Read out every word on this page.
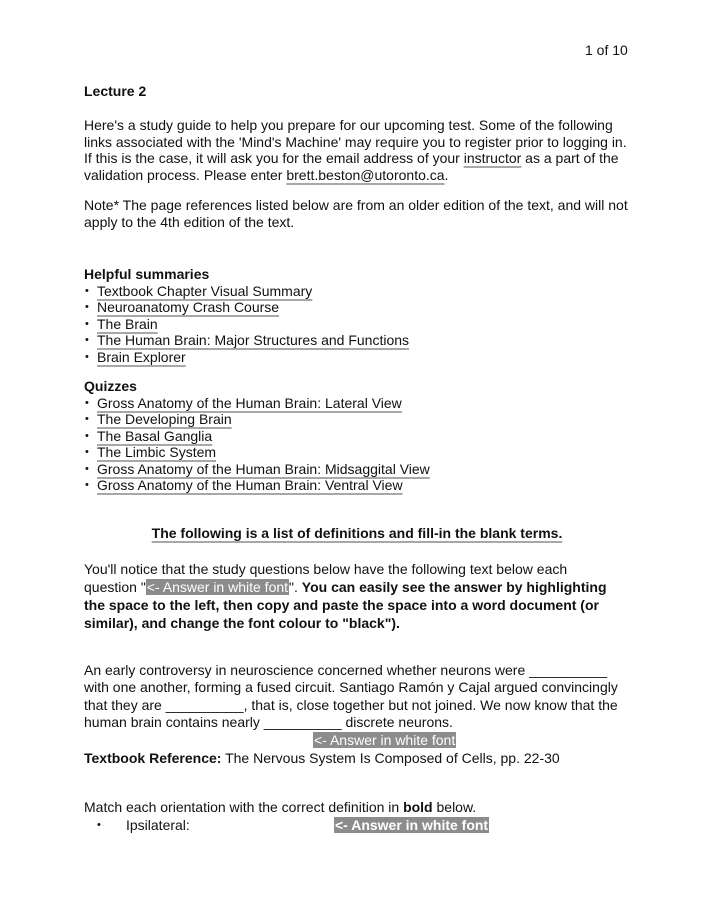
1 of 10
Lecture 2
Here's a study guide to help you prepare for our upcoming test. Some of the following
links associated with the 'Mind's Machine' may require you to register prior to logging in.
If this is the case, it will ask you for the email address of your instructor as a part of the
validation process. Please enter brett.beston@utoronto.ca.
Note* The page references listed below are from an older edition of the text, and will not
apply to the 4th edition of the text.
Helpful summaries
• Textbook Chapter Visual Summary
• Neuroanatomy Crash Course
• The Brain
• The Human Brain: Major Structures and Functions
• Brain Explorer
Quizzes
• Gross Anatomy of the Human Brain: Lateral View
• The Developing Brain
• The Basal Ganglia
• The Limbic System
• Gross Anatomy of the Human Brain: Midsaggital View
• Gross Anatomy of the Human Brain: Ventral View
The following is a list of definitions and fill-in the blank terms.
You'll notice that the study questions below have the following text below each
question "<- Answer in white font". You can easily see the answer by highlighting
the space to the left, then copy and paste the space into a word document (or
similar), and change the font colour to "black").
An early controversy in neuroscience concerned whether neurons were __________
with one another, forming a fused circuit. Santiago Ramón y Cajal argued convincingly
that they are __________, that is, close together but not joined. We now know that the
human brain contains nearly __________ discrete neurons.
<- Answer in white font
Textbook Reference: The Nervous System Is Composed of Cells, pp. 22-30
Match each orientation with the correct definition in bold below.
• Ipsilateral:	<- Answer in white font
